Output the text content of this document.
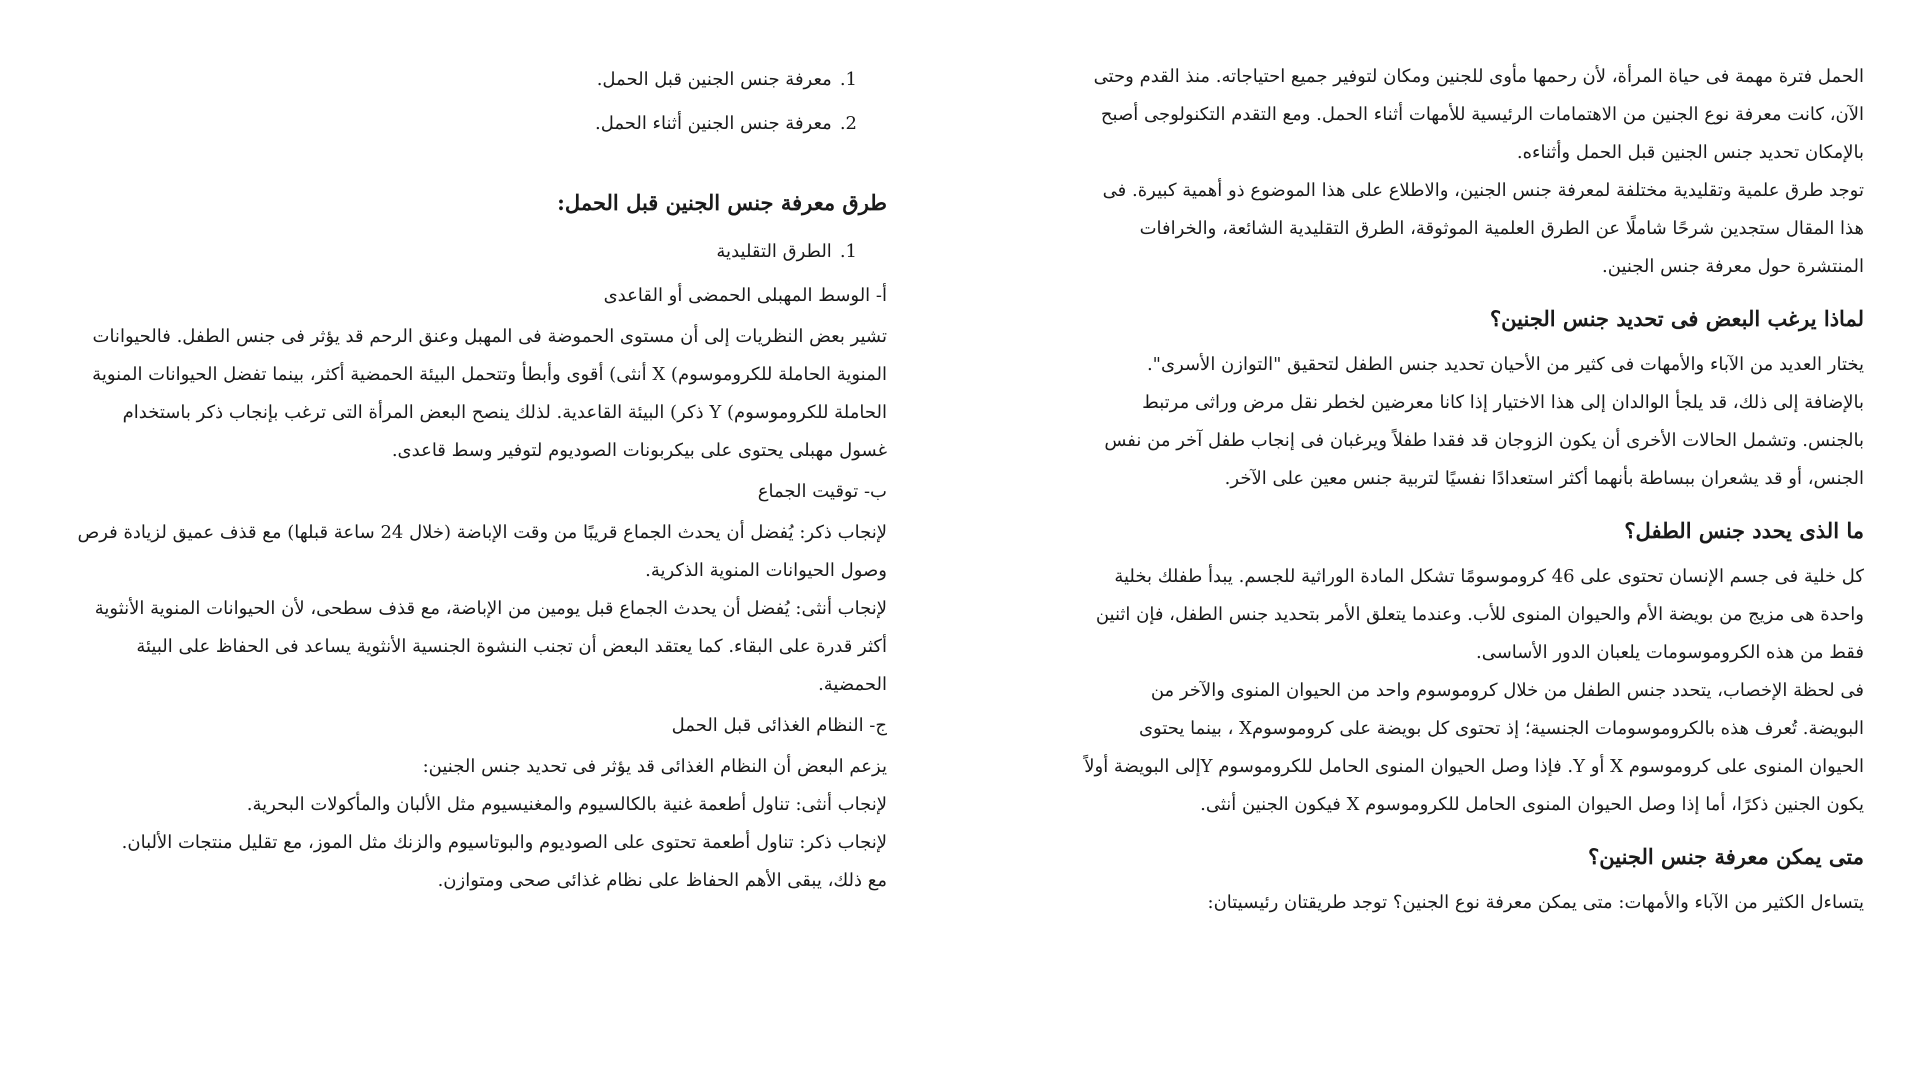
الحمل فترة مهمة فى حياة المرأة، لأن رحمها مأوى للجنين ومكان لتوفير جميع احتياجاته. منذ القدم وحتى الآن، كانت معرفة نوع الجنين من الاهتمامات الرئيسية للأمهات أثناء الحمل. ومع التقدم التكنولوجى أصبح بالإمكان تحديد جنس الجنين قبل الحمل وأثناءه.

توجد طرق علمية وتقليدية مختلفة لمعرفة جنس الجنين، والاطلاع على هذا الموضوع ذو أهمية كبيرة. فى هذا المقال ستجدين شرحًا شاملًا عن الطرق العلمية الموثوقة، الطرق التقليدية الشائعة، والخرافات المنتشرة حول معرفة جنس الجنين.

لماذا يرغب البعض فى تحديد جنس الجنين؟

يختار العديد من الآباء والأمهات فى كثير من الأحيان تحديد جنس الطفل لتحقيق "التوازن الأسرى". بالإضافة إلى ذلك، قد يلجأ الوالدان إلى هذا الاختيار إذا كانا معرضين لخطر نقل مرض وراثى مرتبط بالجنس. وتشمل الحالات الأخرى أن يكون الزوجان قد فقدا طفلاً ويرغبان فى إنجاب طفل آخر من نفس الجنس، أو قد يشعران ببساطة بأنهما أكثر استعدادًا نفسيًا لتربية جنس معين على الآخر.

ما الذى يحدد جنس الطفل؟

كل خلية فى جسم الإنسان تحتوى على 46 كروموسومًا تشكل المادة الوراثية للجسم. يبدأ طفلك بخلية واحدة هى مزيج من بويضة الأم والحيوان المنوى للأب. وعندما يتعلق الأمر بتحديد جنس الطفل، فإن اثنين فقط من هذه الكروموسومات يلعبان الدور الأساسى.

فى لحظة الإخصاب، يتحدد جنس الطفل من خلال كروموسوم واحد من الحيوان المنوى والآخر من البويضة. تُعرف هذه بالكروموسومات الجنسية؛ إذ تحتوى كل بويضة على كروموسومX ، بينما يحتوى الحيوان المنوى على كروموسوم X أو Y. فإذا وصل الحيوان المنوى الحامل للكروموسوم Yإلى البويضة أولاً يكون الجنين ذكرًا، أما إذا وصل الحيوان المنوى الحامل للكروموسوم X فيكون الجنين أنثى.

متى يمكن معرفة جنس الجنين؟

يتساءل الكثير من الآباء والأمهات: متى يمكن معرفة نوع الجنين؟ توجد طريقتان رئيسيتان:

1.معرفة جنس الجنين قبل الحمل.

2.معرفة جنس الجنين أثناء الحمل.

طرق معرفة جنس الجنين قبل الحمل:

1.الطرق التقليدية

أ- الوسط المهبلى الحمضى أو القاعدى

تشير بعض النظريات إلى أن مستوى الحموضة فى المهبل وعنق الرحم قد يؤثر فى جنس الطفل. فالحيوانات المنوية الحاملة للكروموسوم) X أنثى) أقوى وأبطأ وتتحمل البيئة الحمضية أكثر، بينما تفضل الحيوانات المنوية الحاملة للكروموسوم) Y ذكر) البيئة القاعدية. لذلك ينصح البعض المرأة التى ترغب بإنجاب ذكر باستخدام غسول مهبلى يحتوى على بيكربونات الصوديوم لتوفير وسط قاعدى.

ب- توقيت الجماع

لإنجاب ذكر: يُفضل أن يحدث الجماع قريبًا من وقت الإباضة (خلال 24 ساعة قبلها) مع قذف عميق لزيادة فرص وصول الحيوانات المنوية الذكرية.

لإنجاب أنثى: يُفضل أن يحدث الجماع قبل يومين من الإباضة، مع قذف سطحى، لأن الحيوانات المنوية الأنثوية أكثر قدرة على البقاء. كما يعتقد البعض أن تجنب النشوة الجنسية الأنثوية يساعد فى الحفاظ على البيئة الحمضية.

ج- النظام الغذائى قبل الحمل

يزعم البعض أن النظام الغذائى قد يؤثر فى تحديد جنس الجنين:

لإنجاب أنثى: تناول أطعمة غنية بالكالسيوم والمغنيسيوم مثل الألبان والمأكولات البحرية.

لإنجاب ذكر: تناول أطعمة تحتوى على الصوديوم والبوتاسيوم والزنك مثل الموز، مع تقليل منتجات الألبان.

مع ذلك، يبقى الأهم الحفاظ على نظام غذائى صحى ومتوازن.
